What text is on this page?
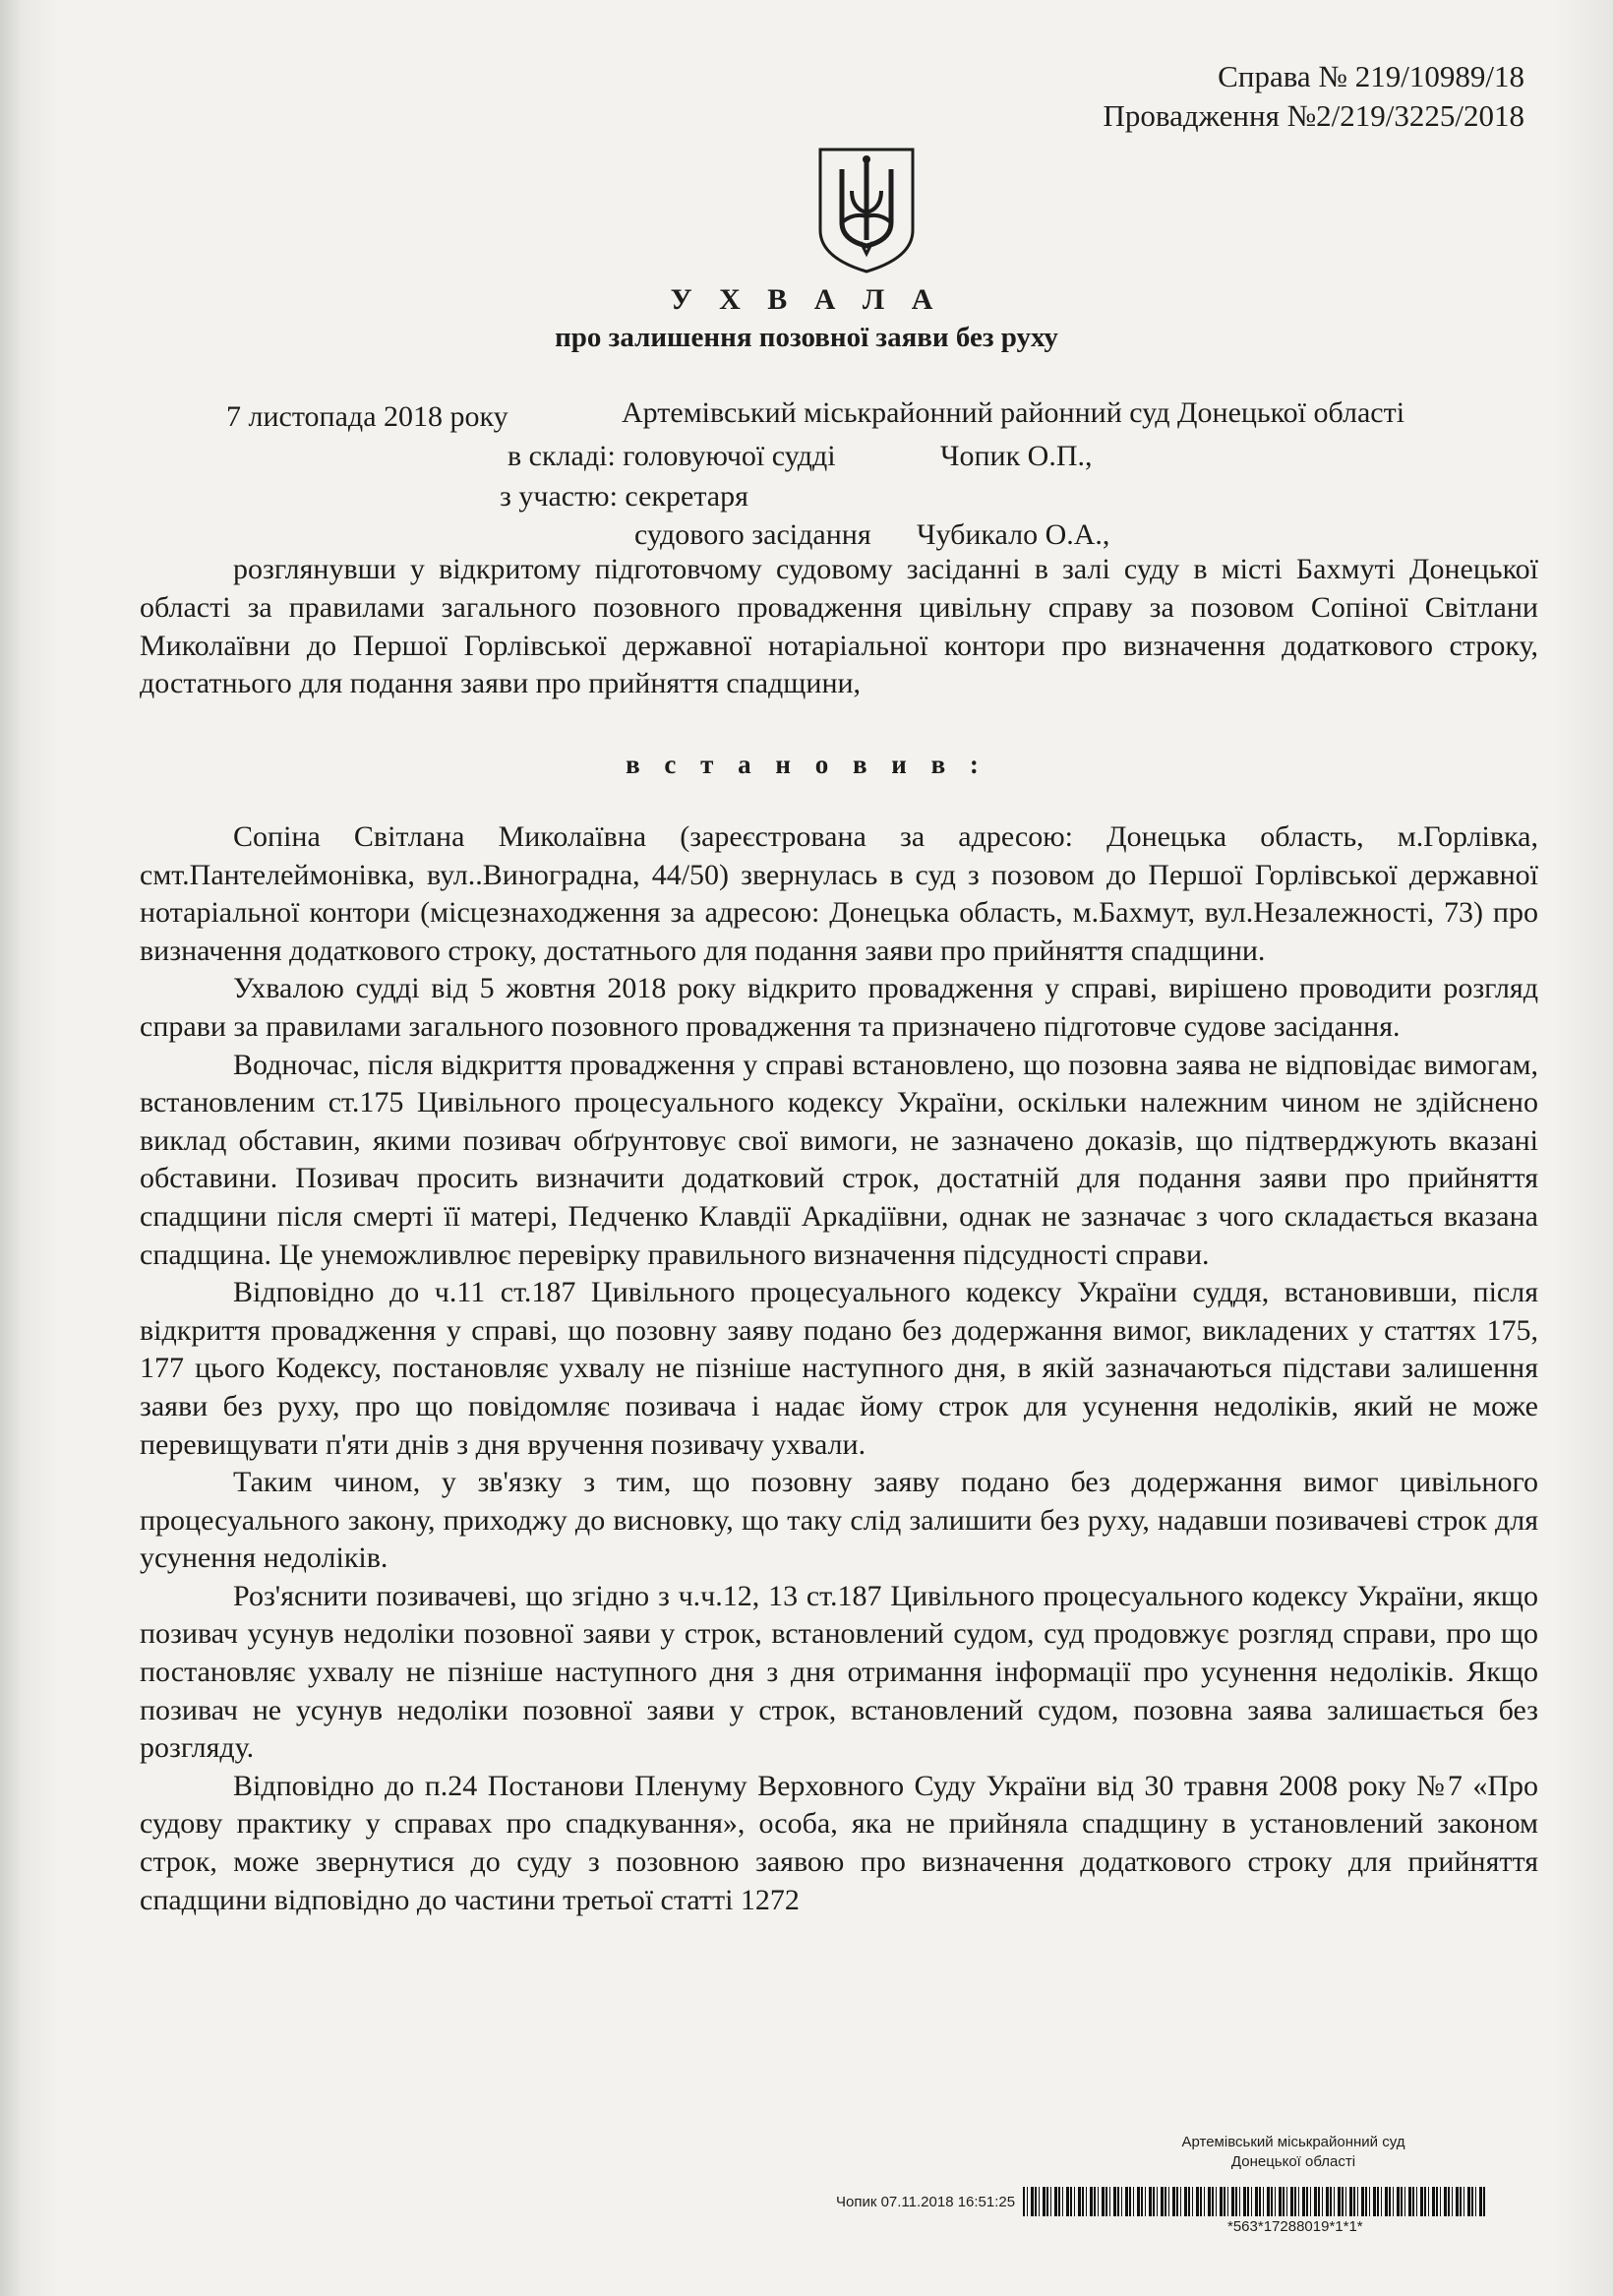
Справа № 219/10989/18
Провадження №2/219/3225/2018
У Х В А Л А
про залишення позовної заяви без руху
7 листопада 2018 року	Артемівський міськрайонний районний суд Донецької області
в складі: головуючої судді	Чопик О.П.,
з участю: секретаря
судового засідання Чубикало О.А.,

розглянувши у відкритому підготовчому судовому засіданні в залі суду в місті Бахмуті Донецької області за правилами загального позовного провадження цивільну справу за позовом Сопіної Світлани Миколаївни до Першої Горлівської державної нотаріальної контори про визначення додаткового строку, достатнього для подання заяви про прийняття спадщини,

в с т а н о в и в :

Сопіна Світлана Миколаївна (зареєстрована за адресою: Донецька область, м.Горлівка, смт.Пантелеймонівка, вул..Виноградна, 44/50) звернулась в суд з позовом до Першої Горлівської державної нотаріальної контори (місцезнаходження за адресою: Донецька область, м.Бахмут, вул.Незалежності, 73) про визначення додаткового строку, достатнього для подання заяви про прийняття спадщини.

Ухвалою судді від 5 жовтня 2018 року відкрито провадження у справі, вирішено проводити розгляд справи за правилами загального позовного провадження та призначено підготовче судове засідання.

Водночас, після відкриття провадження у справі встановлено, що позовна заява не відповідає вимогам, встановленим ст.175 Цивільного процесуального кодексу України, оскільки належним чином не здійснено виклад обставин, якими позивач обґрунтовує свої вимоги, не зазначено доказів, що підтверджують вказані обставини. Позивач просить визначити додатковий строк, достатній для подання заяви про прийняття спадщини після смерті її матері, Педченко Клавдії Аркадіївни, однак не зазначає з чого складається вказана спадщина. Це унеможливлює перевірку правильного визначення підсудності справи.

Відповідно до ч.11 ст.187 Цивільного процесуального кодексу України суддя, встановивши, після відкриття провадження у справі, що позовну заяву подано без додержання вимог, викладених у статтях 175, 177 цього Кодексу, постановляє ухвалу не пізніше наступного дня, в якій зазначаються підстави залишення заяви без руху, про що повідомляє позивача і надає йому строк для усунення недоліків, який не може перевищувати п'яти днів з дня вручення позивачу ухвали.

Таким чином, у зв'язку з тим, що позовну заяву подано без додержання вимог цивільного процесуального закону, приходжу до висновку, що таку слід залишити без руху, надавши позивачеві строк для усунення недоліків.

Роз'яснити позивачеві, що згідно з ч.ч.12, 13 ст.187 Цивільного процесуального кодексу України, якщо позивач усунув недоліки позовної заяви у строк, встановлений судом, суд продовжує розгляд справи, про що постановляє ухвалу не пізніше наступного дня з дня отримання інформації про усунення недоліків. Якщо позивач не усунув недоліки позовної заяви у строк, встановлений судом, позовна заява залишається без розгляду.

Відповідно до п.24 Постанови Пленуму Верховного Суду України від 30 травня 2008 року №7 «Про судову практику у справах про спадкування», особа, яка не прийняла спадщину в установлений законом строк, може звернутися до суду з позовною заявою про визначення додаткового строку для прийняття спадщини відповідно до частини третьої статті 1272

Артемівський міськрайонний суд
Донецької області
Чопик 07.11.2018 16:51:25
*563*17288019*1*1*
